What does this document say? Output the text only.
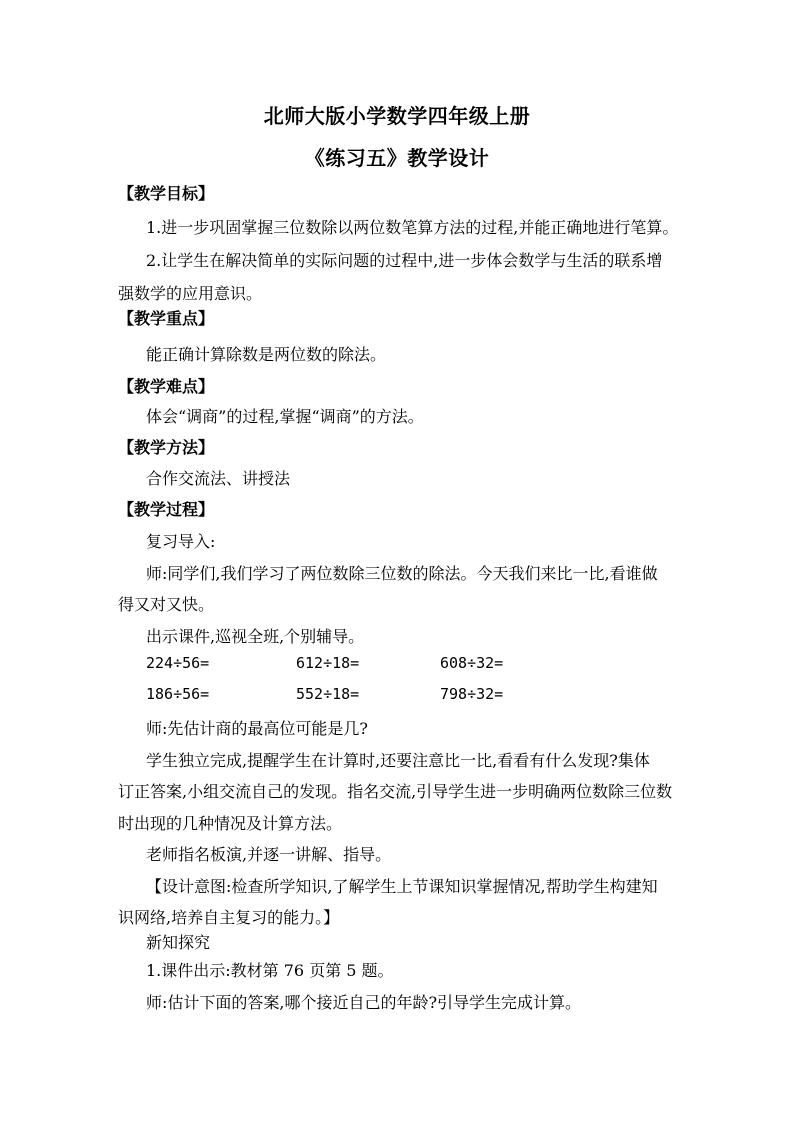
北师大版小学数学四年级上册
《练习五》教学设计
【教学目标】
1.进一步巩固掌握三位数除以两位数笔算方法的过程,并能正确地进行笔算。
2.让学生在解决简单的实际问题的过程中,进一步体会数学与生活的联系增
强数学的应用意识。
【教学重点】
能正确计算除数是两位数的除法。
【教学难点】
体会“调商”的过程,掌握“调商”的方法。
【教学方法】
合作交流法、讲授法
【教学过程】
复习导入:
师:同学们,我们学习了两位数除三位数的除法。今天我们来比一比,看谁做
得又对又快。
出示课件,巡视全班,个别辅导。
224÷56=	612÷18=	608÷32=
186÷56=	552÷18=	798÷32=
师:先估计商的最高位可能是几?
学生独立完成,提醒学生在计算时,还要注意比一比,看看有什么发现?集体
订正答案,小组交流自己的发现。指名交流,引导学生进一步明确两位数除三位数
时出现的几种情况及计算方法。
老师指名板演,并逐一讲解、指导。
【设计意图:检查所学知识,了解学生上节课知识掌握情况,帮助学生构建知
识网络,培养自主复习的能力。】
新知探究
1.课件出示:教材第 76 页第 5 题。
师:估计下面的答案,哪个接近自己的年龄?引导学生完成计算。
